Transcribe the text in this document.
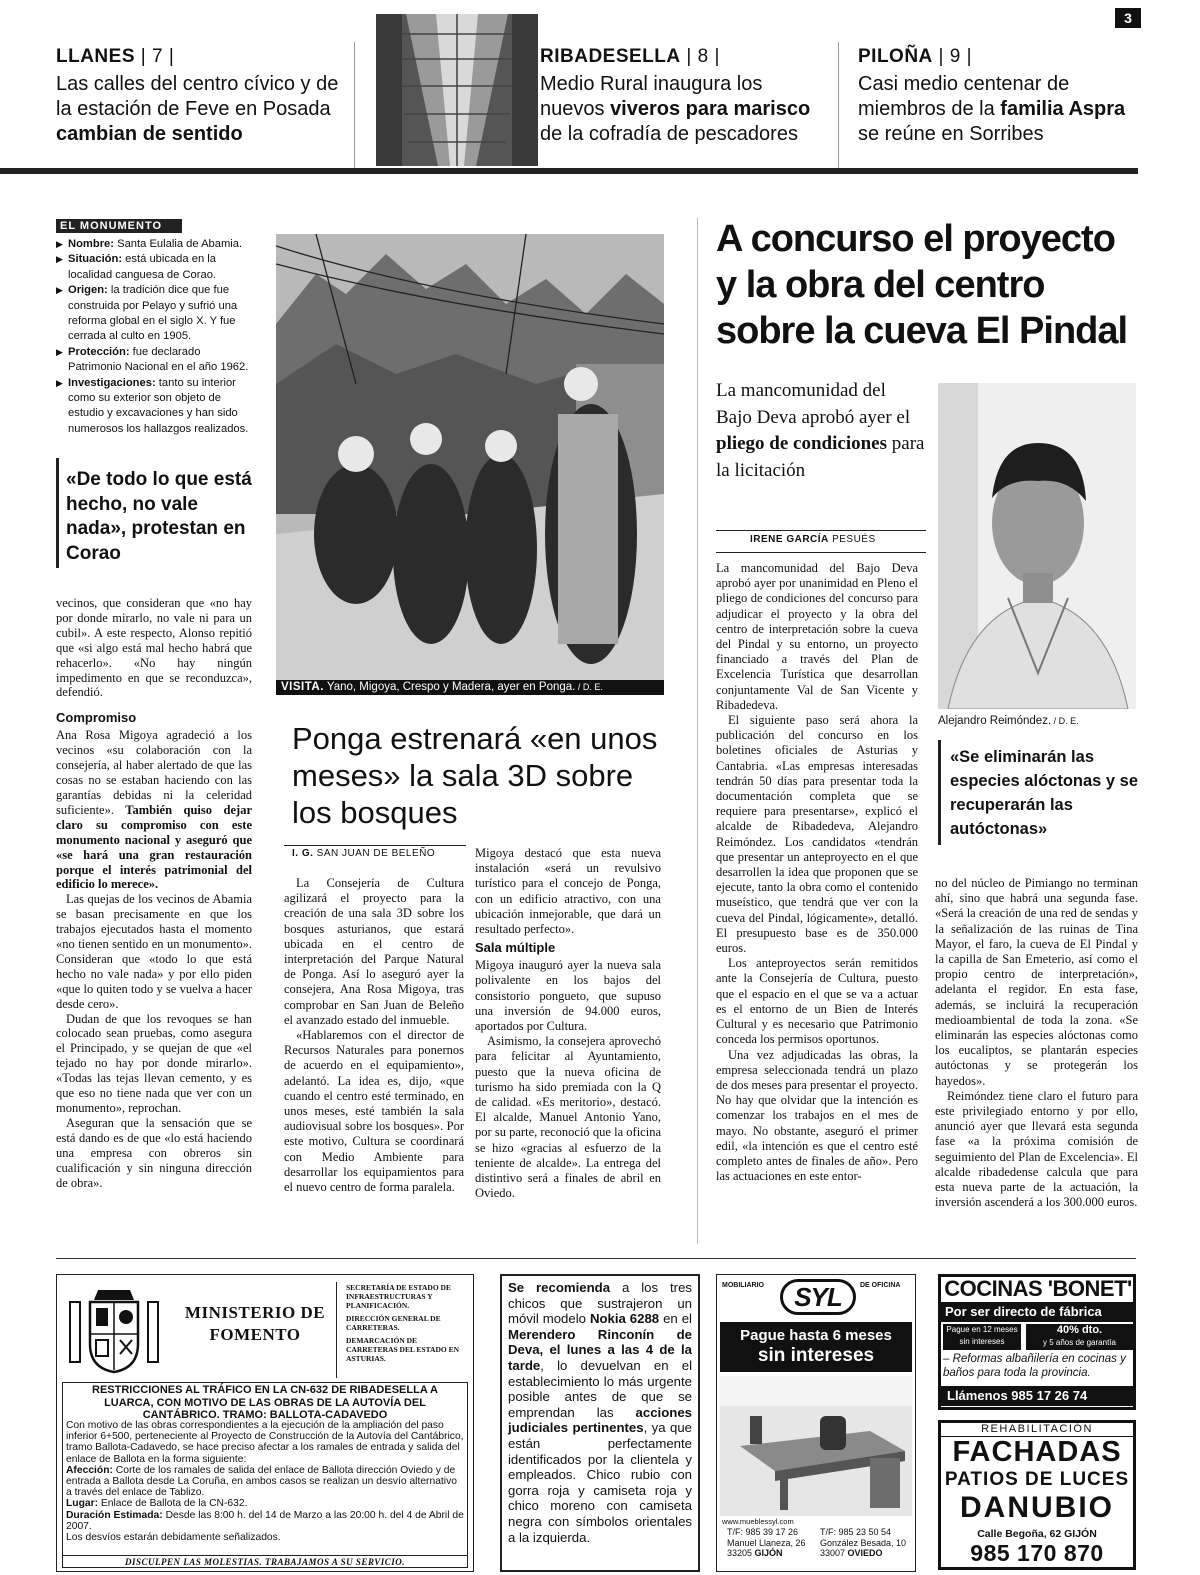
3
LLANES | 7 |
Las calles del centro cívico y de la estación de Feve en Posada cambian de sentido
RIBADESELLA | 8 |
Medio Rural inaugura los nuevos viveros para marisco de la cofradía de pescadores
PILOÑA | 9 |
Casi medio centenar de miembros de la familia Aspra se reúne en Sorribes
EL MONUMENTO
▶ Nombre: Santa Eulalia de Abamia.
▶ Situación: está ubicada en la localidad canguesa de Corao.
▶ Origen: la tradición dice que fue construida por Pelayo y sufrió una reforma global en el siglo X. Y fue cerrada al culto en 1905.
▶ Protección: fue declarado Patrimonio Nacional en el año 1962.
▶ Investigaciones: tanto su interior como su exterior son objeto de estudio y excavaciones y han sido numerosos los hallazgos realizados.
«De todo lo que está hecho, no vale nada», protestan en Corao

vecinos, que consideran que «no hay por donde mirarlo, no vale ni para un cubil». A este respecto, Alonso repitió que «si algo está mal hecho habrá que rehacerlo». «No hay ningún impedimento en que se reconduzca», defendió.

Compromiso

Ana Rosa Migoya agradeció a los vecinos «su colaboración con la consejería, al haber alertado de que las cosas no se estaban haciendo con las garantías debidas ni la celeridad suficiente». También quiso dejar claro su compromiso con este monumento nacional y aseguró que «se hará una gran restauración porque el interés patrimonial del edificio lo merece».

Las quejas de los vecinos de Abamia se basan precisamente en que los trabajos ejecutados hasta el momento «no tienen sentido en un monumento». Consideran que «todo lo que está hecho no vale nada» y por ello piden «que lo quiten todo y se vuelva a hacer desde cero».

Dudan de que los revoques se han colocado sean pruebas, como asegura el Principado, y se quejan de que «el tejado no hay por donde mirarlo». «Todas las tejas llevan cemento, y es que eso no tiene nada que ver con un monumento», reprochan.

Aseguran que la sensación que se está dando es de que «lo está haciendo una empresa con obreros sin cualificación y sin ninguna dirección de obra».

VISITA. Yano, Migoya, Crespo y Madera, ayer en Ponga. / D. E.
Ponga estrenará «en unos meses» la sala 3D sobre los bosques
I. G. SAN JUAN DE BELEÑO

La Consejería de Cultura agilizará el proyecto para la creación de una sala 3D sobre los bosques asturianos, que estará ubicada en el centro de interpretación del Parque Natural de Ponga. Así lo aseguró ayer la consejera, Ana Rosa Migoya, tras comprobar en San Juan de Beleño el avanzado estado del inmueble.

«Hablaremos con el director de Recursos Naturales para ponernos de acuerdo en el equipamiento», adelantó. La idea es, dijo, «que cuando el centro esté terminado, en unos meses, esté también la sala audiovisual sobre los bosques». Por este motivo, Cultura se coordinará con Medio Ambiente para desarrollar los equipamientos para el nuevo centro de forma paralela.

Migoya destacó que esta nueva instalación «será un revulsivo turístico para el concejo de Ponga, con un edificio atractivo, con una ubicación inmejorable, que dará un resultado perfecto».

Sala múltiple

Migoya inauguró ayer la nueva sala polivalente en los bajos del consistorio ponguetо, que supuso una inversión de 94.000 euros, aportados por Cultura.

Asimismo, la consejera aprovechó para felicitar al Ayuntamiento, puesto que la nueva oficina de turismo ha sido premiada con la Q de calidad. «Es meritorio», destacó. El alcalde, Manuel Antonio Yano, por su parte, reconoció que la oficina se hizo «gracias al esfuerzo de la teniente de alcalde». La entrega del distintivo será a finales de abril en Oviedo.

A concurso el proyecto y la obra del centro sobre la cueva El Pindal
La mancomunidad del Bajo Deva aprobó ayer el pliego de condiciones para la licitación
Alejandro Reimóndez. / D. E.
IRENE GARCÍA PESUÉS
«Se eliminarán las especies alóctonas y se recuperarán las autóctonas»

La mancomunidad del Bajo Deva aprobó ayer por unanimidad en Pleno el pliego de condiciones del concurso para adjudicar el proyecto y la obra del centro de interpretación sobre la cueva del Pindal y su entorno, un proyecto financiado a través del Plan de Excelencia Turística que desarrollan conjuntamente Val de San Vicente y Ribadedeva.

El siguiente paso será ahora la publicación del concurso en los boletines oficiales de Asturias y Cantabria. «Las empresas interesadas tendrán 50 días para presentar toda la documentación completa que se requiere para presentarse», explicó el alcalde de Ribadedeva, Alejandro Reimóndez. Los candidatos «tendrán que presentar un anteproyecto en el que desarrollen la idea que proponen que se ejecute, tanto la obra como el contenido museístico, que tendrá que ver con la cueva del Pindal, lógicamente», detalló. El presupuesto base es de 350.000 euros.

Los anteproyectos serán remitidos ante la Consejería de Cultura, puesto que el espacio en el que se va a actuar es el entorno de un Bien de Interés Cultural y es necesario que Patrimonio conceda los permisos oportunos.

Una vez adjudicadas las obras, la empresa seleccionada tendrá un plazo de dos meses para presentar el proyecto. No hay que olvidar que la intención es comenzar los trabajos en el mes de mayo. No obstante, aseguró el primer edil, «la intención es que el centro esté completo antes de finales de año». Pero las actuaciones en este entor-

no del núcleo de Pimiango no terminan ahí, sino que habrá una segunda fase. «Será la creación de una red de sendas y la señalización de las ruinas de Tina Mayor, el faro, la cueva de El Pindal y la capilla de San Emeterio, así como el propio centro de interpretación», adelanta el regidor. En esta fase, además, se incluirá la recuperación medioambiental de toda la zona. «Se eliminarán las especies alóctonas como los eucaliptos, se plantarán especies autóctonas y se protegerán los hayedos».

Reimóndez tiene claro el futuro para este privilegiado entorno y por ello, anunció ayer que llevará esta segunda fase «a la próxima comisión de seguimiento del Plan de Excelencia». El alcalde ribadedense calcula que para esta nueva parte de la actuación, la inversión ascenderá a los 300.000 euros.

MINISTERIO DE FOMENTO
SECRETARÍA DE ESTADO DE INFRAESTRUCTURAS Y PLANIFICACIÓN.
DIRECCIÓN GENERAL DE CARRETERAS.
DEMARCACIÓN DE CARRETERAS DEL ESTADO EN ASTURIAS.
RESTRICCIONES AL TRÁFICO EN LA CN-632 DE RIBADESELLA A LUARCA, CON MOTIVO DE LAS OBRAS DE LA AUTOVÍA DEL CANTÁBRICO. TRAMO: BALLOTA-CADAVEDO
Con motivo de las obras correspondientes a la ejecución de la ampliación del paso inferior 6+500, perteneciente al Proyecto de Construcción de la Autovía del Cantábrico, tramo Ballota-Cadavedo, se hace preciso afectar a los ramales de entrada y salida del enlace de Ballota en la forma siguiente:
Afección: Corte de los ramales de salida del enlace de Ballota dirección Oviedo y de entrada a Ballota desde La Coruña, en ambos casos se realizan un desvío alternativo a través del enlace de Tablizo.
Lugar: Enlace de Ballota de la CN-632.
Duración Estimada: Desde las 8:00 h. del 14 de Marzo a las 20:00 h. del 4 de Abril de 2007.
Los desvíos estarán debidamente señalizados.
DISCULPEN LAS MOLESTIAS. TRABAJAMOS A SU SERVICIO.
Se recomienda a los tres chicos que sustrajeron un móvil modelo Nokia 6288 en el Merendero Rinconín de Deva, el lunes a las 4 de la tarde, lo devuelvan en el establecimiento lo más urgente posible antes de que se emprendan las acciones judiciales pertinentes, ya que están perfectamente identificados por la clientela y empleados. Chico rubio con gorra roja y camiseta roja y chico moreno con camiseta negra con símbolos orientales a la izquierda.
MOBILIARIO	SYL	DE OFICINA
Pague hasta 6 meses
sin intereses
www.mueblessyl.com
T/F: 985 39 17 26
Manuel Llaneza, 26
33205 GIJÓN
T/F: 985 23 50 54
González Besada, 10
33007 OVIEDO
COCINAS 'BONET'
Por ser directo de fábrica
Pague en 12 meses sin intereses
40% dto.
y 5 años de garantía
– Reformas albañilería en cocinas y baños para toda la provincia.
Llámenos 985 17 26 74
REHABILITACIÓN
FACHADAS
PATIOS DE LUCES
DANUBIO
Calle Begoña, 62 GIJÓN
985 170 870
